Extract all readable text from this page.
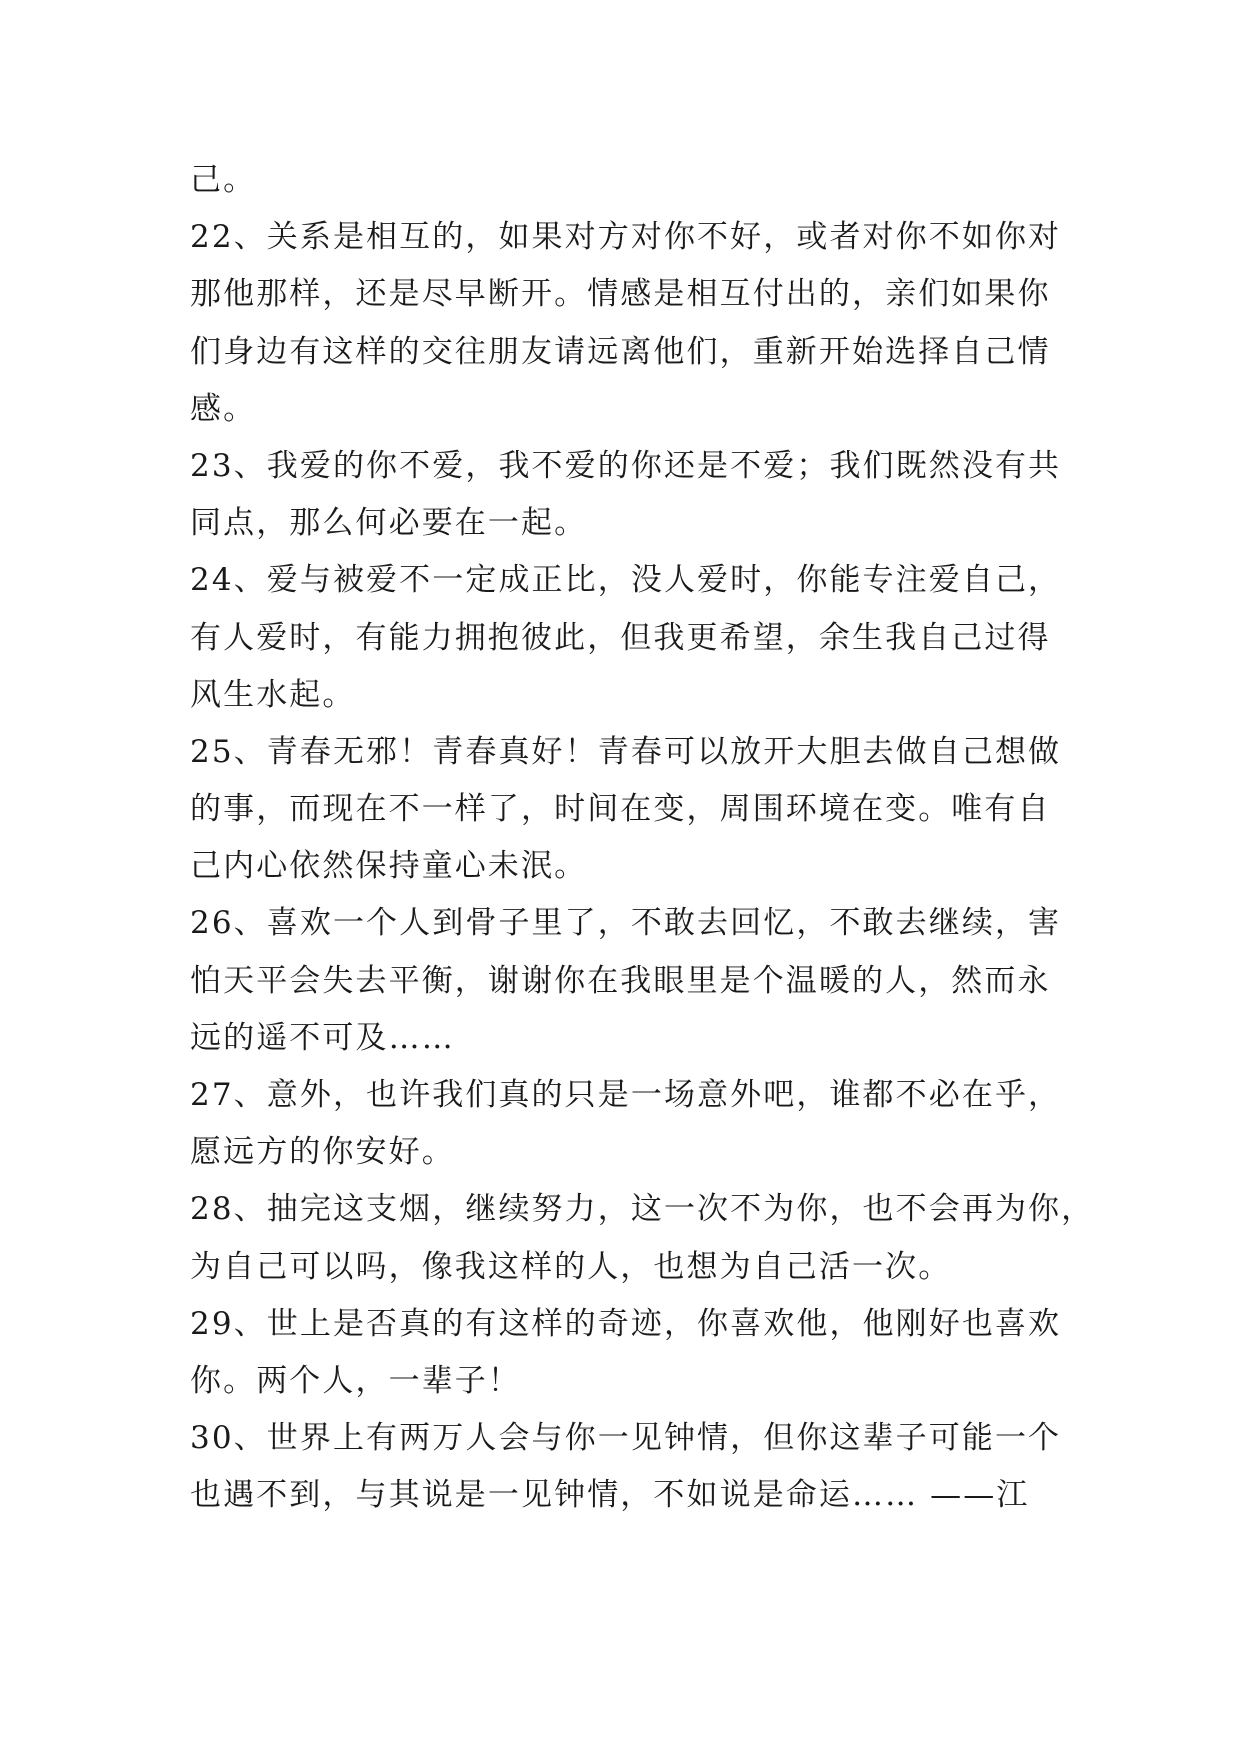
己。
22、关系是相互的，如果对方对你不好，或者对你不如你对
那他那样，还是尽早断开。情感是相互付出的，亲们如果你
们身边有这样的交往朋友请远离他们，重新开始选择自己情
感。
23、我爱的你不爱，我不爱的你还是不爱；我们既然没有共
同点，那么何必要在一起。
24、爱与被爱不一定成正比，没人爱时，你能专注爱自己，
有人爱时，有能力拥抱彼此，但我更希望，余生我自己过得
风生水起。
25、青春无邪！青春真好！青春可以放开大胆去做自己想做
的事，而现在不一样了，时间在变，周围环境在变。唯有自
己内心依然保持童心未泯。
26、喜欢一个人到骨子里了，不敢去回忆，不敢去继续，害
怕天平会失去平衡，谢谢你在我眼里是个温暖的人，然而永
远的遥不可及……
27、意外，也许我们真的只是一场意外吧，谁都不必在乎，
愿远方的你安好。
28、抽完这支烟，继续努力，这一次不为你，也不会再为你，
为自己可以吗，像我这样的人，也想为自己活一次。
29、世上是否真的有这样的奇迹，你喜欢他，他刚好也喜欢
你。两个人，一辈子！
30、世界上有两万人会与你一见钟情，但你这辈子可能一个
也遇不到，与其说是一见钟情，不如说是命运…… ——江
